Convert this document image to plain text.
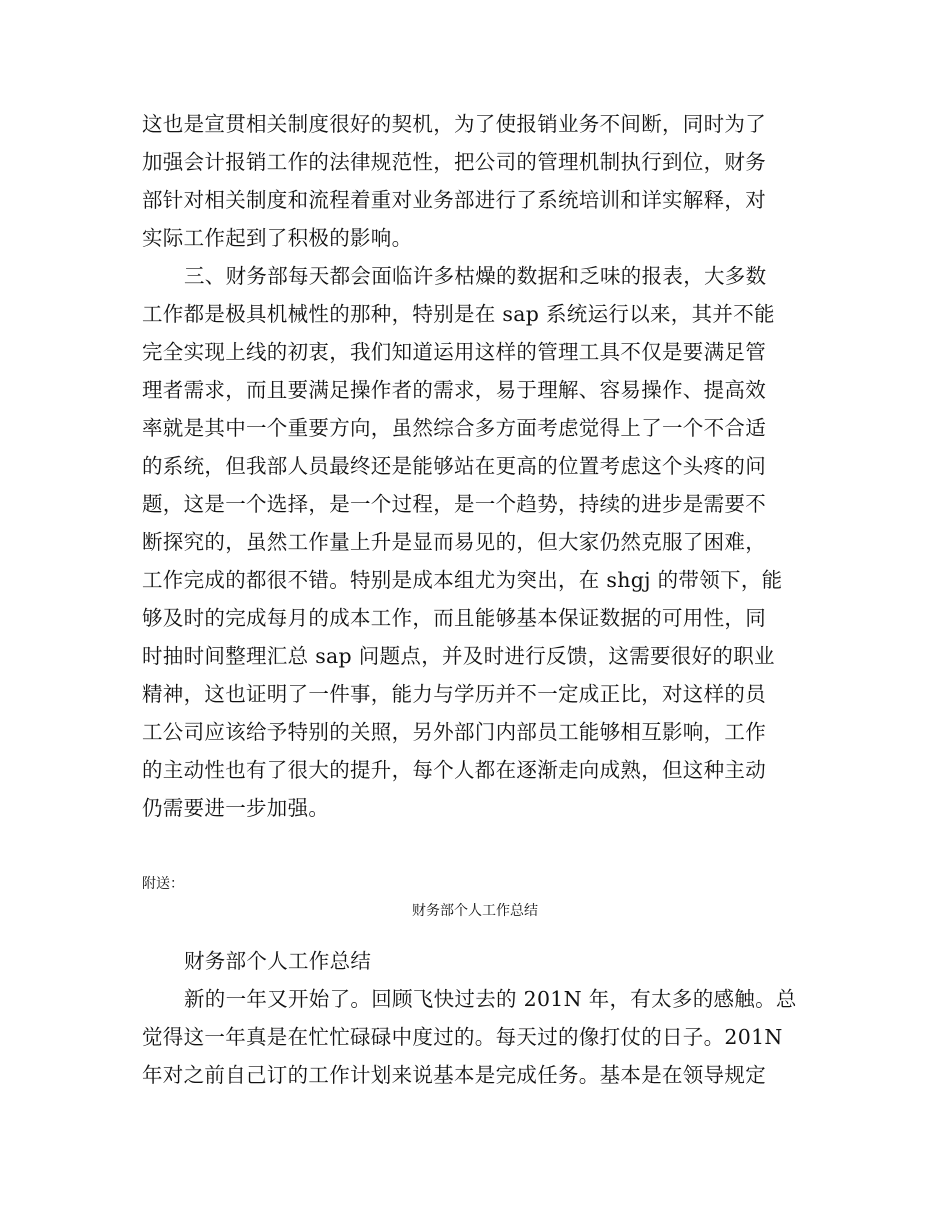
这也是宣贯相关制度很好的契机，为了使报销业务不间断，同时为了
加强会计报销工作的法律规范性，把公司的管理机制执行到位，财务
部针对相关制度和流程着重对业务部进行了系统培训和详实解释，对
实际工作起到了积极的影响。
三、财务部每天都会面临许多枯燥的数据和乏味的报表，大多数
工作都是极具机械性的那种，特别是在 sap 系统运行以来，其并不能
完全实现上线的初衷，我们知道运用这样的管理工具不仅是要满足管
理者需求，而且要满足操作者的需求，易于理解、容易操作、提高效
率就是其中一个重要方向，虽然综合多方面考虑觉得上了一个不合适
的系统，但我部人员最终还是能够站在更高的位置考虑这个头疼的问
题，这是一个选择，是一个过程，是一个趋势，持续的进步是需要不
断探究的，虽然工作量上升是显而易见的，但大家仍然克服了困难，
工作完成的都很不错。特别是成本组尤为突出，在 shgj 的带领下，能
够及时的完成每月的成本工作，而且能够基本保证数据的可用性，同
时抽时间整理汇总 sap 问题点，并及时进行反馈，这需要很好的职业
精神，这也证明了一件事，能力与学历并不一定成正比，对这样的员
工公司应该给予特别的关照，另外部门内部员工能够相互影响，工作
的主动性也有了很大的提升，每个人都在逐渐走向成熟，但这种主动
仍需要进一步加强。
附送：
财务部个人工作总结
财务部个人工作总结
新的一年又开始了。回顾飞快过去的 201N 年，有太多的感触。总
觉得这一年真是在忙忙碌碌中度过的。每天过的像打仗的日子。201N
年对之前自己订的工作计划来说基本是完成任务。基本是在领导规定
